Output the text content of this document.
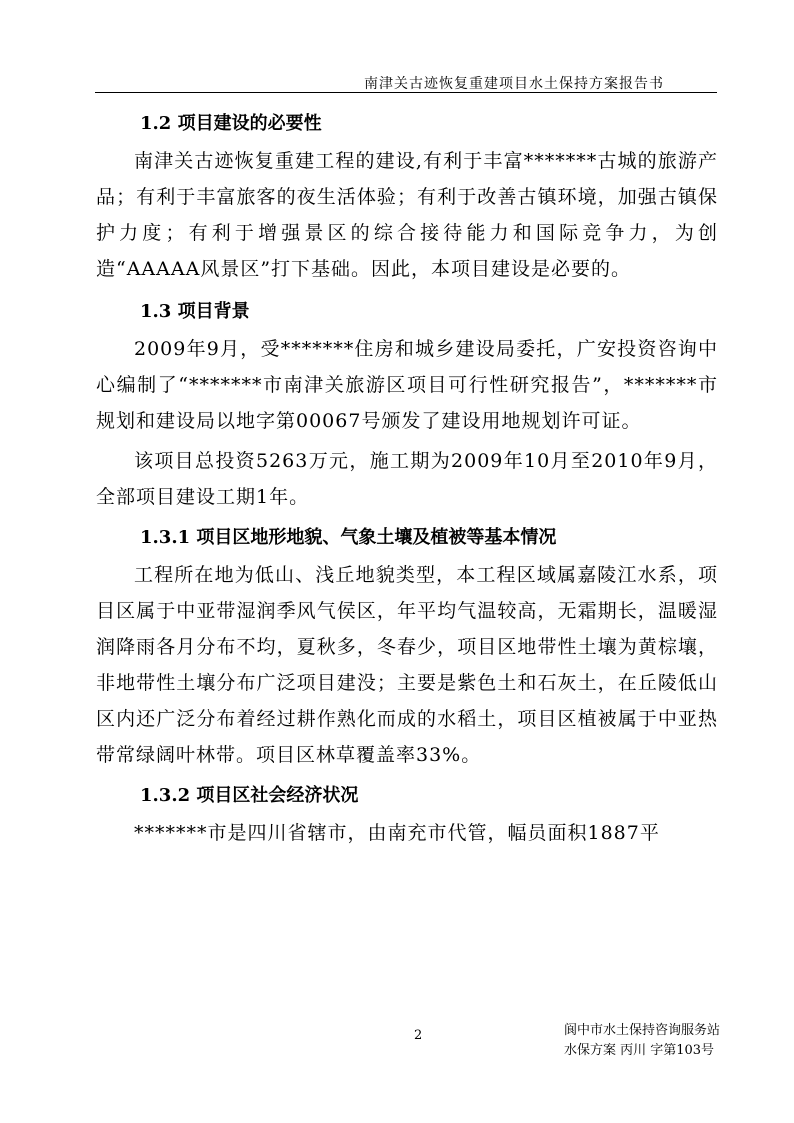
南津关古迹恢复重建项目水土保持方案报告书
1.2 项目建设的必要性

南津关古迹恢复重建工程的建设,有利于丰富*******古城的旅游产品；有利于丰富旅客的夜生活体验；有利于改善古镇环境，加强古镇保护力度；有利于增强景区的综合接待能力和国际竞争力，为创造“AAAAA风景区”打下基础。因此，本项目建设是必要的。

1.3 项目背景

2009年9月，受*******住房和城乡建设局委托，广安投资咨询中心编制了“*******市南津关旅游区项目可行性研究报告”，*******市规划和建设局以地字第00067号颁发了建设用地规划许可证。

该项目总投资5263万元，施工期为2009年10月至2010年9月，全部项目建设工期1年。

1.3.1 项目区地形地貌、气象土壤及植被等基本情况

工程所在地为低山、浅丘地貌类型，本工程区域属嘉陵江水系，项目区属于中亚带湿润季风气侯区，年平均气温较高，无霜期长，温暖湿润降雨各月分布不均，夏秋多，冬春少，项目区地带性土壤为黄棕壤，非地带性土壤分布广泛项目建没；主要是紫色土和石灰土，在丘陵低山区内还广泛分布着经过耕作熟化而成的水稻土，项目区植被属于中亚热带常绿阔叶林带。项目区林草覆盖率33%。

1.3.2 项目区社会经济状况

*******市是四川省辖市，由南充市代管，幅员面积1887平

2	阆中市水土保持咨询服务站
水保方案 丙川 字第103号
